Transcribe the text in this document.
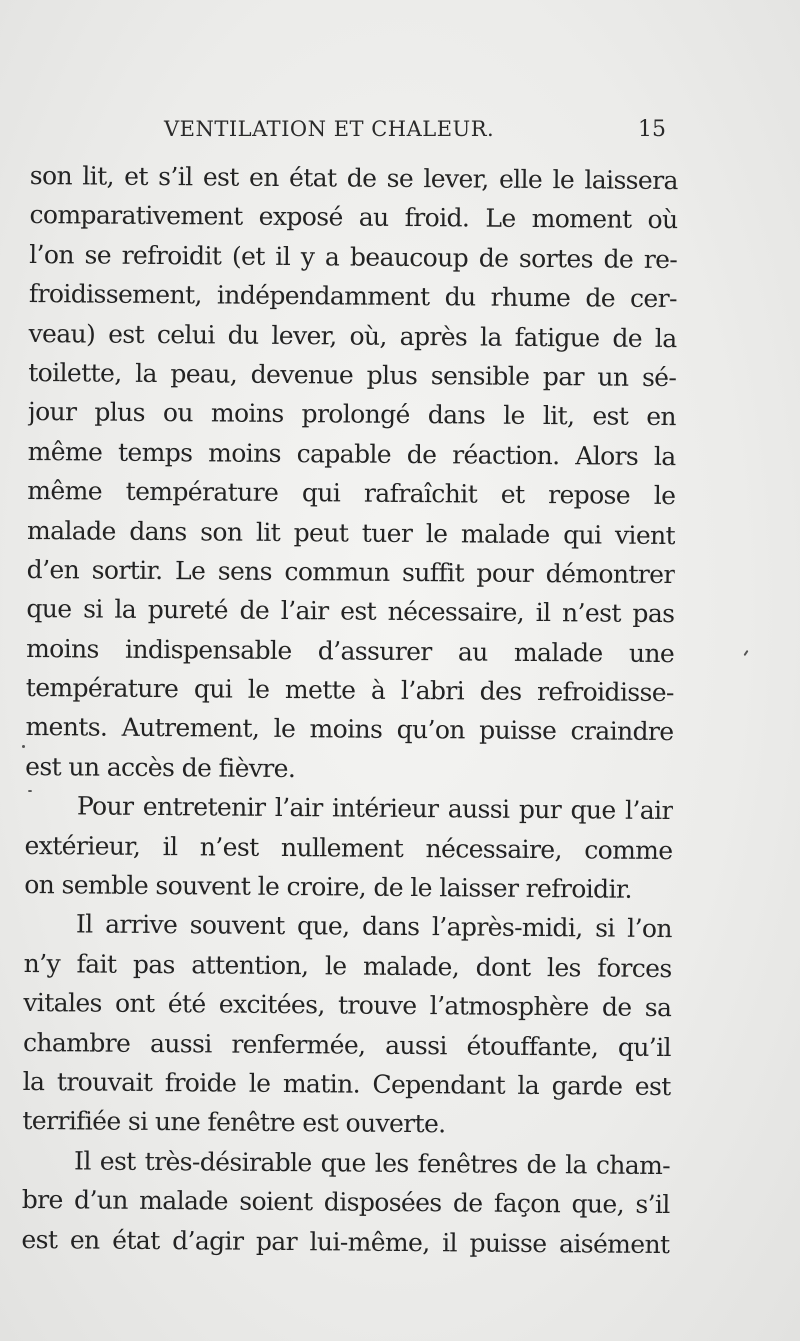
VENTILATION ET CHALEUR.	15
son lit, et s’il est en état de se lever, elle le laissera
comparativement exposé au froid. Le moment où
l’on se refroidit (et il y a beaucoup de sortes de re-
froidissement, indépendamment du rhume de cer-
veau) est celui du lever, où, après la fatigue de la
toilette, la peau, devenue plus sensible par un sé-
jour plus ou moins prolongé dans le lit, est en
même temps moins capable de réaction. Alors la
même température qui rafraîchit et repose le
malade dans son lit peut tuer le malade qui vient
d’en sortir. Le sens commun suffit pour démontrer
que si la pureté de l’air est nécessaire, il n’est pas
moins indispensable d’assurer au malade une
température qui le mette à l’abri des refroidisse-
ments. Autrement, le moins qu’on puisse craindre
est un accès de fièvre.
Pour entretenir l’air intérieur aussi pur que l’air
extérieur, il n’est nullement nécessaire, comme
on semble souvent le croire, de le laisser refroidir.
Il arrive souvent que, dans l’après-midi, si l’on
n’y fait pas attention, le malade, dont les forces
vitales ont été excitées, trouve l’atmosphère de sa
chambre aussi renfermée, aussi étouffante, qu’il
la trouvait froide le matin. Cependant la garde est
terrifiée si une fenêtre est ouverte.
Il est très-désirable que les fenêtres de la cham-
bre d’un malade soient disposées de façon que, s’il
est en état d’agir par lui-même, il puisse aisément
